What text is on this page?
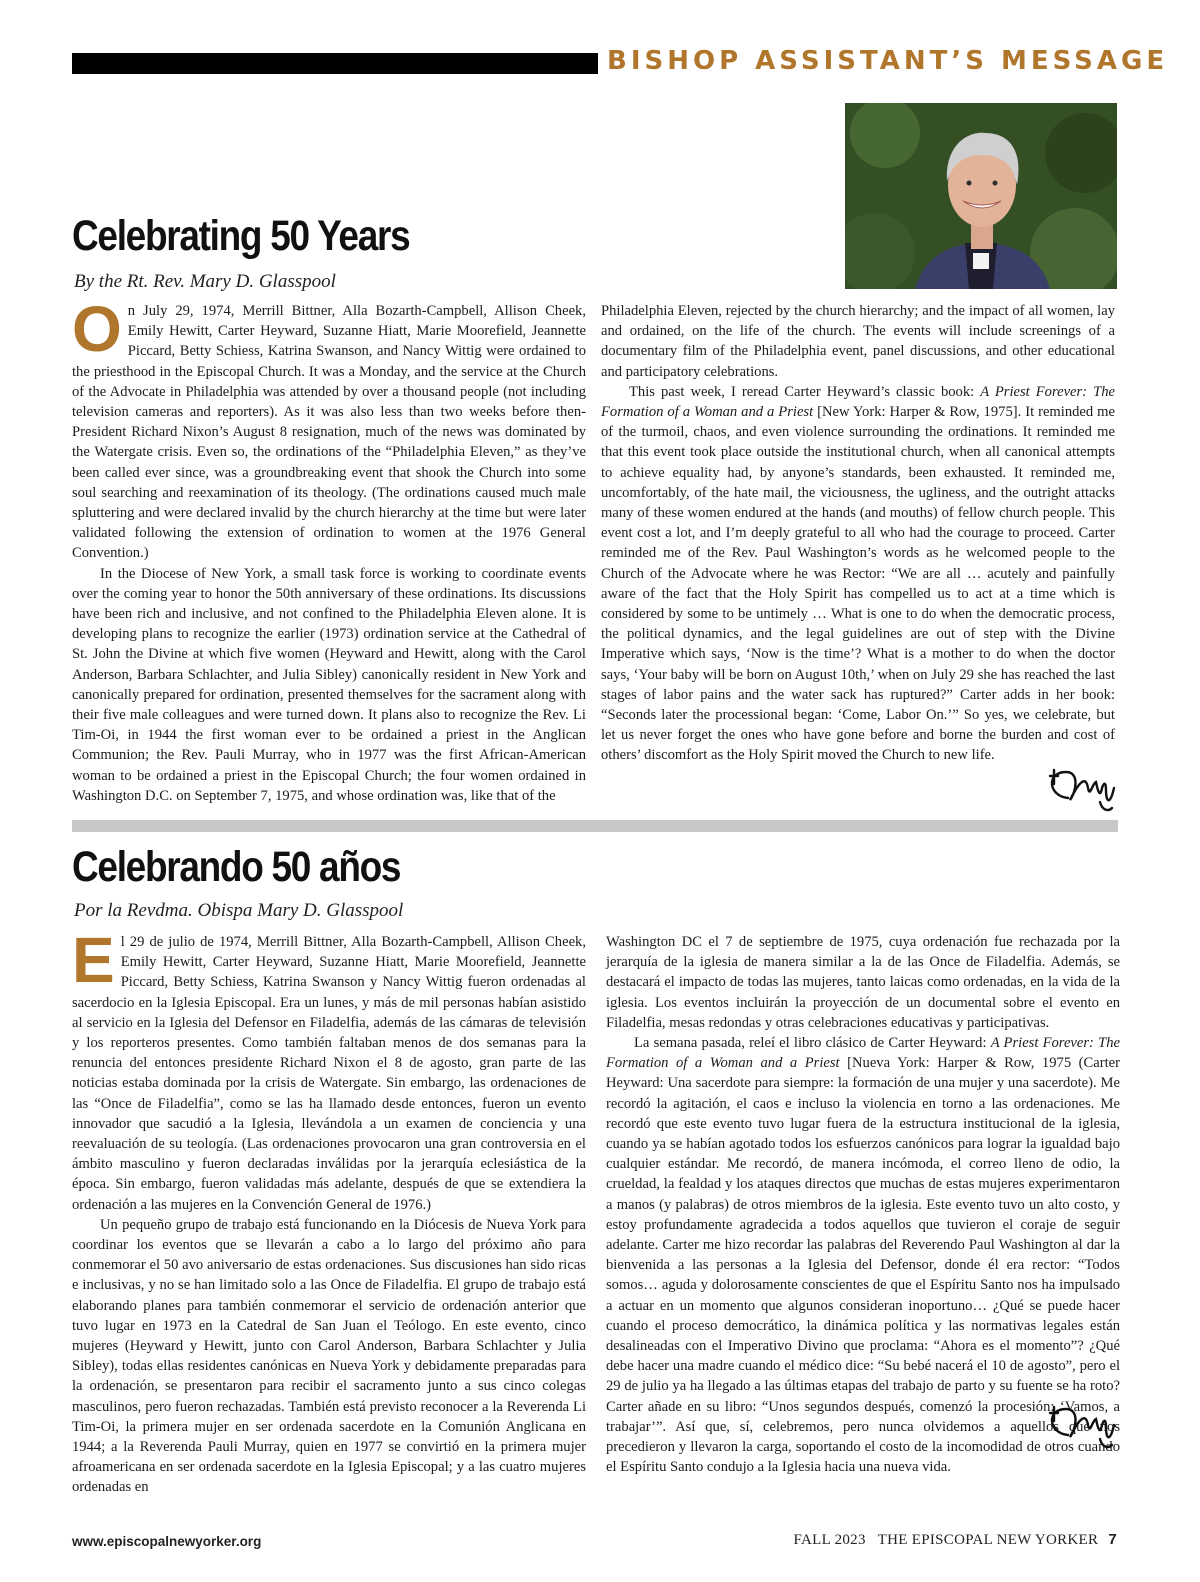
BISHOP ASSISTANT’S MESSAGE
Celebrating 50 Years
By the Rt. Rev. Mary D. Glasspool

On July 29, 1974, Merrill Bittner, Alla Bozarth-Campbell, Allison Cheek, Emily Hewitt, Carter Heyward, Suzanne Hiatt, Marie Moorefield, Jeannette Piccard, Betty Schiess, Katrina Swanson, and Nancy Wittig were ordained to the priesthood in the Episcopal Church. It was a Monday, and the service at the Church of the Advocate in Philadelphia was attended by over a thousand people (not including television cameras and reporters). As it was also less than two weeks before then-President Richard Nixon’s August 8 resignation, much of the news was dominated by the Watergate crisis. Even so, the ordinations of the “Philadelphia Eleven,” as they’ve been called ever since, was a groundbreaking event that shook the Church into some soul searching and reexamination of its theology. (The ordinations caused much male spluttering and were declared invalid by the church hierarchy at the time but were later validated following the extension of ordination to women at the 1976 General Convention.)

In the Diocese of New York, a small task force is working to coordinate events over the coming year to honor the 50th anniversary of these ordinations. Its discussions have been rich and inclusive, and not confined to the Philadelphia Eleven alone. It is developing plans to recognize the earlier (1973) ordination service at the Cathedral of St. John the Divine at which five women (Heyward and Hewitt, along with the Carol Anderson, Barbara Schlachter, and Julia Sibley) canonically resident in New York and canonically prepared for ordination, presented themselves for the sacrament along with their five male colleagues and were turned down. It plans also to recognize the Rev. Li Tim-Oi, in 1944 the first woman ever to be ordained a priest in the Anglican Communion; the Rev. Pauli Murray, who in 1977 was the first African-American woman to be ordained a priest in the Episcopal Church; the four women ordained in Washington D.C. on September 7, 1975, and whose ordination was, like that of the

Philadelphia Eleven, rejected by the church hierarchy; and the impact of all women, lay and ordained, on the life of the church. The events will include screenings of a documentary film of the Philadelphia event, panel discussions, and other educational and participatory celebrations.

This past week, I reread Carter Heyward’s classic book: A Priest Forever: The Formation of a Woman and a Priest [New York: Harper & Row, 1975]. It reminded me of the turmoil, chaos, and even violence surrounding the ordinations. It reminded me that this event took place outside the institutional church, when all canonical attempts to achieve equality had, by anyone’s standards, been exhausted. It reminded me, uncomfortably, of the hate mail, the viciousness, the ugliness, and the outright attacks many of these women endured at the hands (and mouths) of fellow church people. This event cost a lot, and I’m deeply grateful to all who had the courage to proceed. Carter reminded me of the Rev. Paul Washington’s words as he welcomed people to the Church of the Advocate where he was Rector: “We are all … acutely and painfully aware of the fact that the Holy Spirit has compelled us to act at a time which is considered by some to be untimely … What is one to do when the democratic process, the political dynamics, and the legal guidelines are out of step with the Divine Imperative which says, ‘Now is the time’? What is a mother to do when the doctor says, ‘Your baby will be born on August 10th,’ when on July 29 she has reached the last stages of labor pains and the water sack has ruptured?” Carter adds in her book: “Seconds later the processional began: ‘Come, Labor On.’” So yes, we celebrate, but let us never forget the ones who have gone before and borne the burden and cost of others’ discomfort as the Holy Spirit moved the Church to new life.

Celebrando 50 años
Por la Revdma. Obispa Mary D. Glasspool

El 29 de julio de 1974, Merrill Bittner, Alla Bozarth-Campbell, Allison Cheek, Emily Hewitt, Carter Heyward, Suzanne Hiatt, Marie Moorefield, Jeannette Piccard, Betty Schiess, Katrina Swanson y Nancy Wittig fueron ordenadas al sacerdocio en la Iglesia Episcopal. Era un lunes, y más de mil personas habían asistido al servicio en la Iglesia del Defensor en Filadelfia, además de las cámaras de televisión y los reporteros presentes. Como también faltaban menos de dos semanas para la renuncia del entonces presidente Richard Nixon el 8 de agosto, gran parte de las noticias estaba dominada por la crisis de Watergate. Sin embargo, las ordenaciones de las “Once de Filadelfia”, como se las ha llamado desde entonces, fueron un evento innovador que sacudió a la Iglesia, llevándola a un examen de conciencia y una reevaluación de su teología. (Las ordenaciones provocaron una gran controversia en el ámbito masculino y fueron declaradas inválidas por la jerarquía eclesiástica de la época. Sin embargo, fueron validadas más adelante, después de que se extendiera la ordenación a las mujeres en la Convención General de 1976.)

Un pequeño grupo de trabajo está funcionando en la Diócesis de Nueva York para coordinar los eventos que se llevarán a cabo a lo largo del próximo año para conmemorar el 50 avo aniversario de estas ordenaciones. Sus discusiones han sido ricas e inclusivas, y no se han limitado solo a las Once de Filadelfia. El grupo de trabajo está elaborando planes para también conmemorar el servicio de ordenación anterior que tuvo lugar en 1973 en la Catedral de San Juan el Teólogo. En este evento, cinco mujeres (Heyward y Hewitt, junto con Carol Anderson, Barbara Schlachter y Julia Sibley), todas ellas residentes canónicas en Nueva York y debidamente preparadas para la ordenación, se presentaron para recibir el sacramento junto a sus cinco colegas masculinos, pero fueron rechazadas. También está previsto reconocer a la Reverenda Li Tim-Oi, la primera mujer en ser ordenada sacerdote en la Comunión Anglicana en 1944; a la Reverenda Pauli Murray, quien en 1977 se convirtió en la primera mujer afroamericana en ser ordenada sacerdote en la Iglesia Episcopal; y a las cuatro mujeres ordenadas en

Washington DC el 7 de septiembre de 1975, cuya ordenación fue rechazada por la jerarquía de la iglesia de manera similar a la de las Once de Filadelfia. Además, se destacará el impacto de todas las mujeres, tanto laicas como ordenadas, en la vida de la iglesia. Los eventos incluirán la proyección de un documental sobre el evento en Filadelfia, mesas redondas y otras celebraciones educativas y participativas.

La semana pasada, releí el libro clásico de Carter Heyward: A Priest Forever: The Formation of a Woman and a Priest [Nueva York: Harper & Row, 1975 (Carter Heyward: Una sacerdote para siempre: la formación de una mujer y una sacerdote). Me recordó la agitación, el caos e incluso la violencia en torno a las ordenaciones. Me recordó que este evento tuvo lugar fuera de la estructura institucional de la iglesia, cuando ya se habían agotado todos los esfuerzos canónicos para lograr la igualdad bajo cualquier estándar. Me recordó, de manera incómoda, el correo lleno de odio, la crueldad, la fealdad y los ataques directos que muchas de estas mujeres experimentaron a manos (y palabras) de otros miembros de la iglesia. Este evento tuvo un alto costo, y estoy profundamente agradecida a todos aquellos que tuvieron el coraje de seguir adelante. Carter me hizo recordar las palabras del Reverendo Paul Washington al dar la bienvenida a las personas a la Iglesia del Defensor, donde él era rector: “Todos somos… aguda y dolorosamente conscientes de que el Espíritu Santo nos ha impulsado a actuar en un momento que algunos consideran inoportuno… ¿Qué se puede hacer cuando el proceso democrático, la dinámica política y las normativas legales están desalineadas con el Imperativo Divino que proclama: “Ahora es el momento”? ¿Qué debe hacer una madre cuando el médico dice: “Su bebé nacerá el 10 de agosto”, pero el 29 de julio ya ha llegado a las últimas etapas del trabajo de parto y su fuente se ha roto? Carter añade en su libro: “Unos segundos después, comenzó la procesión: ‘Vamos, a trabajar’”. Así que, sí, celebremos, pero nunca olvidemos a aquellos que nos precedieron y llevaron la carga, soportando el costo de la incomodidad de otros cuando el Espíritu Santo condujo a la Iglesia hacia una nueva vida.

www.episcopalnewyorker.org	FALL 2023   THE EPISCOPAL NEW YORKER 7
